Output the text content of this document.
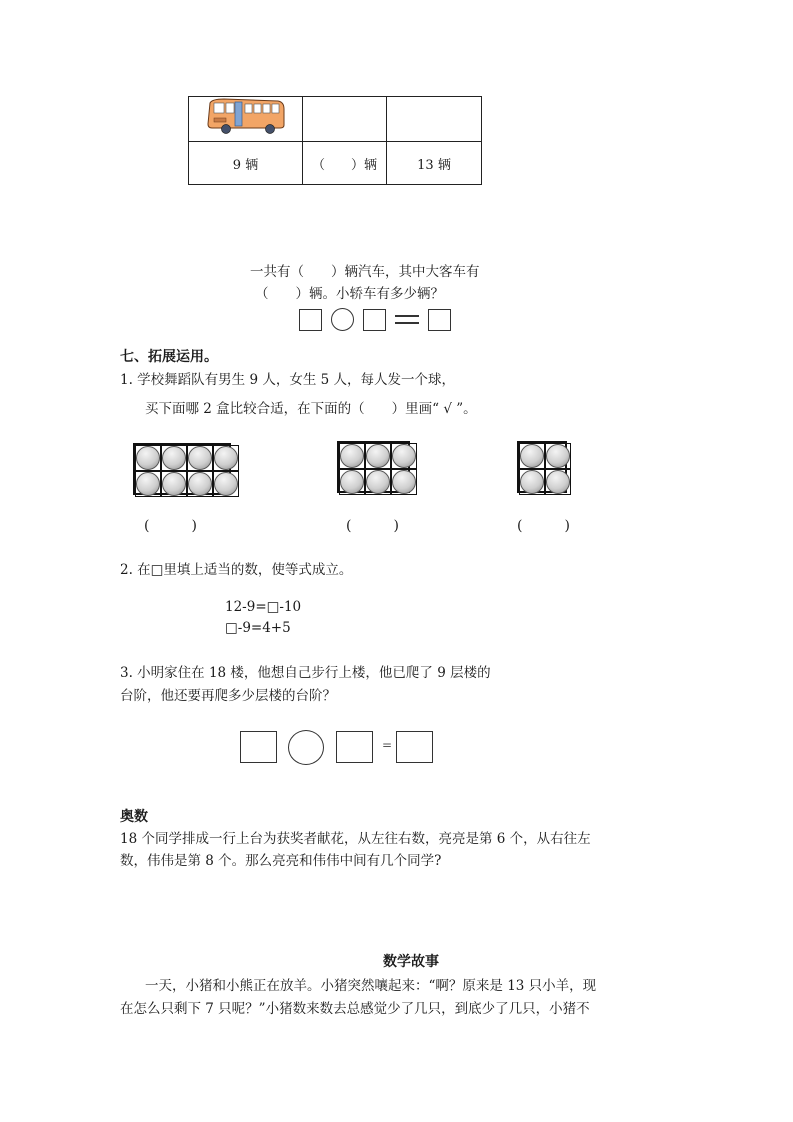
9 辆	（　　）辆	13 辆
一共有（　　）辆汽车，其中大客车有
（　　）辆。小轿车有多少辆？
七、拓展运用。
1. 学校舞蹈队有男生 9 人，女生 5 人，每人发一个球，
买下面哪 2 盒比较合适，在下面的（　　）里画“ √ ”。
(　　　)	(　　　)	(　　　)
2. 在□里填上适当的数，使等式成立。
12-9=□-10
□-9=4+5
3. 小明家住在 18 楼，他想自己步行上楼，他已爬了 9 层楼的
台阶，他还要再爬多少层楼的台阶？
=
奥数
18 个同学排成一行上台为获奖者献花，从左往右数，亮亮是第 6 个，从右往左
数，伟伟是第 8 个。那么亮亮和伟伟中间有几个同学?
数学故事
一天，小猪和小熊正在放羊。小猪突然嚷起来：“啊？原来是 13 只小羊，现
在怎么只剩下 7 只呢？”小猪数来数去总感觉少了几只，到底少了几只，小猪不
